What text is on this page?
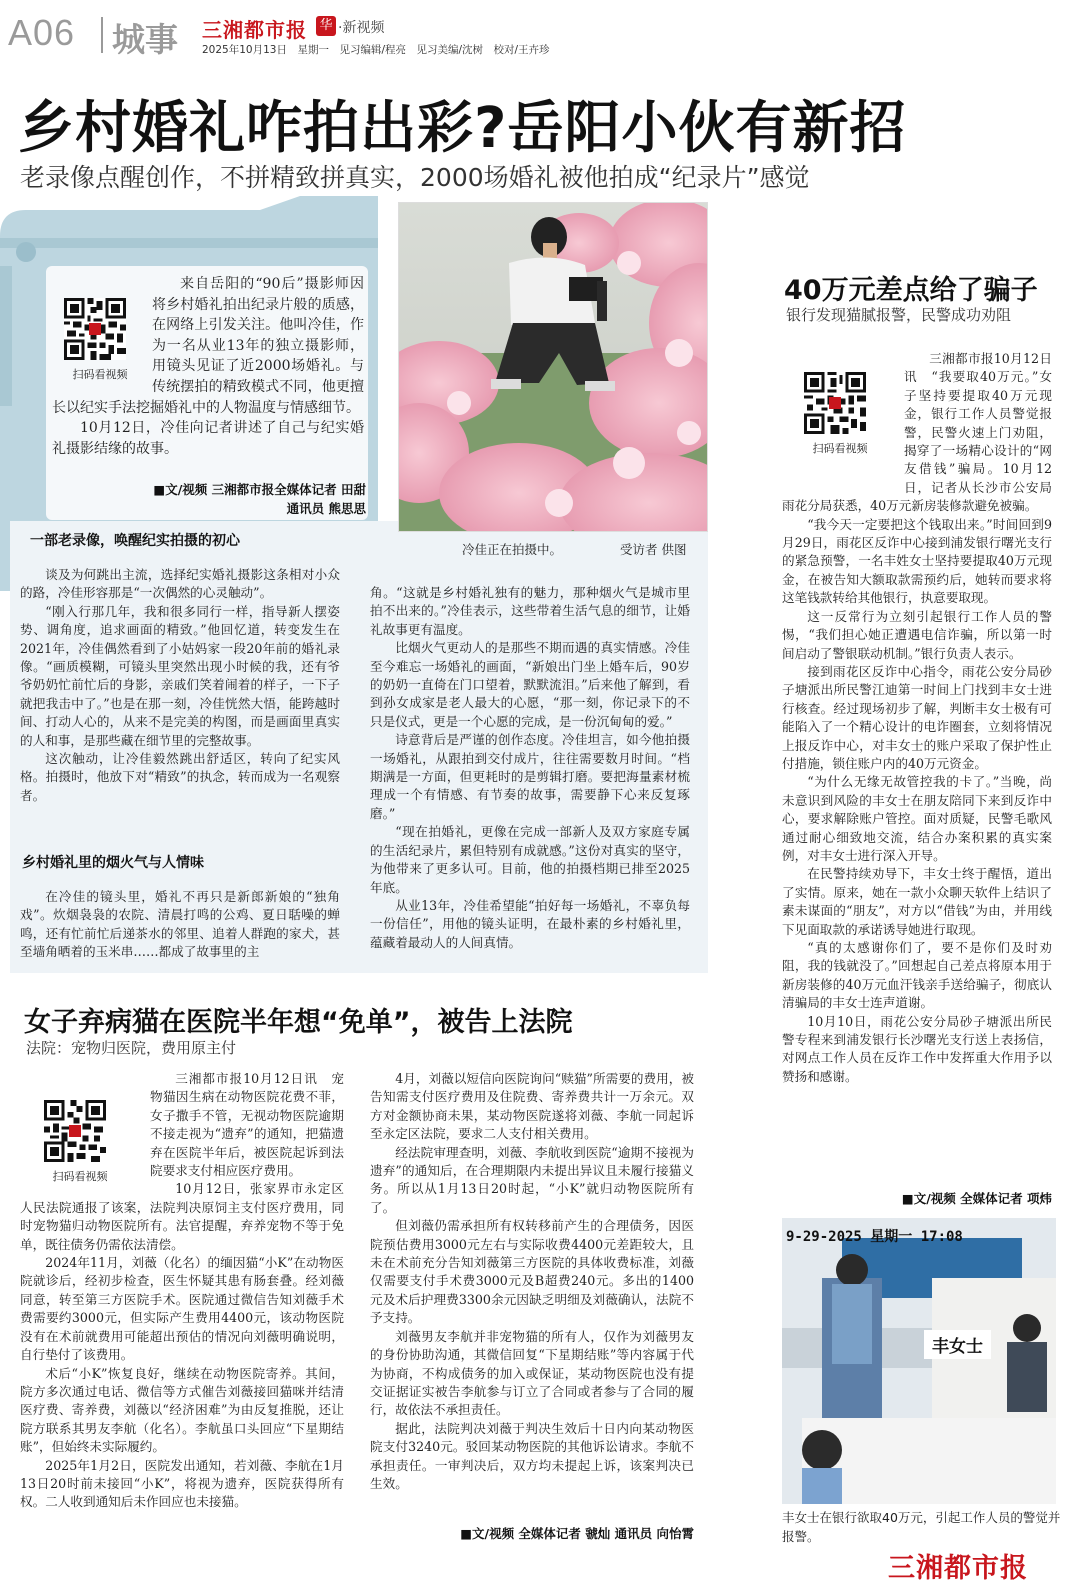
A06 城事 三湘都市报 华 ·新视频
2025年10月13日　星期一　见习编辑/程亮　见习美编/沈树　校对/王卉珍
乡村婚礼咋拍出彩?岳阳小伙有新招
老录像点醒创作，不拼精致拼真实，2000场婚礼被他拍成“纪录片”感觉
扫码看视频

来自岳阳的“90后”摄影师因将乡村婚礼拍出纪录片般的质感，在网络上引发关注。他叫冷佳，作为一名从业13年的独立摄影师，用镜头见证了近2000场婚礼。与传统摆拍的精致模式不同，他更擅长以纪实手法挖掘婚礼中的人物温度与情感细节。

10月12日，冷佳向记者讲述了自己与纪实婚礼摄影结缘的故事。

■文/视频 三湘都市报全媒体记者 田甜
通讯员 熊思思
冷佳正在拍摄中。	受访者 供图
一部老录像，唤醒纪实拍摄的初心

谈及为何跳出主流，选择纪实婚礼摄影这条相对小众的路，冷佳形容那是“一次偶然的心灵触动”。

“刚入行那几年，我和很多同行一样，指导新人摆姿势、调角度，追求画面的精致。”他回忆道，转变发生在2021年，冷佳偶然看到了小姑妈家一段20年前的婚礼录像。“画质模糊，可镜头里突然出现小时候的我，还有爷爷奶奶忙前忙后的身影，亲戚们笑着闹着的样子，一下子就把我击中了。”也是在那一刻，冷佳恍然大悟，能跨越时间、打动人心的，从来不是完美的构图，而是画面里真实的人和事，是那些藏在细节里的完整故事。

这次触动，让冷佳毅然跳出舒适区，转向了纪实风格。拍摄时，他放下对“精致”的执念，转而成为一名观察者。

乡村婚礼里的烟火气与人情味

在冷佳的镜头里，婚礼不再只是新郎新娘的“独角戏”。炊烟袅袅的农院、清晨打鸣的公鸡、夏日聒噪的蝉鸣，还有忙前忙后递茶水的邻里、追着人群跑的家犬，甚至墙角晒着的玉米串……都成了故事里的主

角。“这就是乡村婚礼独有的魅力，那种烟火气是城市里拍不出来的。”冷佳表示，这些带着生活气息的细节，让婚礼故事更有温度。

比烟火气更动人的是那些不期而遇的真实情感。冷佳至今难忘一场婚礼的画面，“新娘出门坐上婚车后，90岁的奶奶一直倚在门口望着，默默流泪。”后来他了解到，看到孙女成家是老人最大的心愿，“那一刻，你记录下的不只是仪式，更是一个心愿的完成，是一份沉甸甸的爱。”

诗意背后是严谨的创作态度。冷佳坦言，如今他拍摄一场婚礼，从跟拍到交付成片，往往需要数月时间。“档期满是一方面，但更耗时的是剪辑打磨。要把海量素材梳理成一个有情感、有节奏的故事，需要静下心来反复琢磨。”

“现在拍婚礼，更像在完成一部新人及双方家庭专属的生活纪录片，累但特别有成就感。”这份对真实的坚守，为他带来了更多认可。目前，他的拍摄档期已排至2025年底。

从业13年，冷佳希望能“拍好每一场婚礼，不辜负每一份信任”，用他的镜头证明，在最朴素的乡村婚礼里，蕴藏着最动人的人间真情。

40万元差点给了骗子
银行发现猫腻报警，民警成功劝阻
扫码看视频

三湘都市报10月12日讯　“我要取40万元。”女子坚持要提取40万元现金，银行工作人员警觉报警，民警火速上门劝阻，揭穿了一场精心设计的“网友借钱”骗局。10月12日，记者从长沙市公安局雨花分局获悉，40万元新房装修款避免被骗。

“我今天一定要把这个钱取出来。”时间回到9月29日，雨花区反诈中心接到浦发银行曙光支行的紧急预警，一名丰姓女士坚持要提取40万元现金，在被告知大额取款需预约后，她转而要求将这笔钱款转给其他银行，执意要取现。

这一反常行为立刻引起银行工作人员的警惕，“我们担心她正遭遇电信诈骗，所以第一时间启动了警银联动机制。”银行负责人表示。

接到雨花区反诈中心指令，雨花公安分局砂子塘派出所民警江迪第一时间上门找到丰女士进行核查。经过现场初步了解，判断丰女士极有可能陷入了一个精心设计的电诈圈套，立刻将情况上报反诈中心，对丰女士的账户采取了保护性止付措施，锁住账户内的40万元资金。

“为什么无缘无故管控我的卡了。”当晚，尚未意识到风险的丰女士在朋友陪同下来到反诈中心，要求解除账户管控。面对质疑，民警毛歌风通过耐心细致地交流，结合办案积累的真实案例，对丰女士进行深入开导。

在民警持续劝导下，丰女士终于醒悟，道出了实情。原来，她在一款小众聊天软件上结识了素未谋面的“朋友”，对方以“借钱”为由，并用线下见面取款的承诺诱导她进行取现。

“真的太感谢你们了，要不是你们及时劝阻，我的钱就没了。”回想起自己差点将原本用于新房装修的40万元血汗钱亲手送给骗子，彻底认清骗局的丰女士连声道谢。

10月10日，雨花公安分局砂子塘派出所民警专程来到浦发银行长沙曙光支行送上表扬信，对网点工作人员在反诈工作中发挥重大作用予以赞扬和感谢。

■文/视频 全媒体记者 项炜
9-29-2025 星期一 17:08
丰女士
丰女士在银行欲取40万元，引起工作人员的警觉并报警。
女子弃病猫在医院半年想“免单”，被告上法院
法院：宠物归医院，费用原主付
扫码看视频

三湘都市报10月12日讯　宠物猫因生病在动物医院花费不菲，女子撒手不管，无视动物医院逾期不接走视为“遗弃”的通知，把猫遗弃在医院半年后，被医院起诉到法院要求支付相应医疗费用。

10月12日，张家界市永定区人民法院通报了该案，法院判决原饲主支付医疗费用，同时宠物猫归动物医院所有。法官提醒，弃养宠物不等于免单，既往债务仍需依法清偿。

2024年11月，刘薇（化名）的缅因猫“小K”在动物医院就诊后，经初步检查，医生怀疑其患有肠套叠。经刘薇同意，转至第三方医院手术。医院通过微信告知刘薇手术费需要约3000元，但实际产生费用4400元，该动物医院没有在术前就费用可能超出预估的情况向刘薇明确说明，自行垫付了该费用。

术后“小K”恢复良好，继续在动物医院寄养。其间，院方多次通过电话、微信等方式催告刘薇接回猫咪并结清医疗费、寄养费，刘薇以“经济困难”为由反复推脱，还让院方联系其男友李航（化名）。李航虽口头回应“下星期结账”，但始终未实际履约。

2025年1月2日，医院发出通知，若刘薇、李航在1月13日20时前未接回“小K”，将视为遗弃，医院获得所有权。二人收到通知后未作回应也未接猫。

4月，刘薇以短信向医院询问“赎猫”所需要的费用，被告知需支付医疗费用及住院费、寄养费共计一万余元。双方对金额协商未果，某动物医院遂将刘薇、李航一同起诉至永定区法院，要求二人支付相关费用。

经法院审理查明，刘薇、李航收到医院“逾期不接视为遗弃”的通知后，在合理期限内未提出异议且未履行接猫义务。所以从1月13日20时起，“小K”就归动物医院所有了。

但刘薇仍需承担所有权转移前产生的合理债务，因医院预估费用3000元左右与实际收费4400元差距较大，且未在术前充分告知刘薇第三方医院的具体收费标准，刘薇仅需要支付手术费3000元及B超费240元。多出的1400元及术后护理费3300余元因缺乏明细及刘薇确认，法院不予支持。

刘薇男友李航并非宠物猫的所有人，仅作为刘薇男友的身份协助沟通，其微信回复“下星期结账”等内容属于代为协商，不构成债务的加入或保证，某动物医院也没有提交证据证实被告李航参与订立了合同或者参与了合同的履行，故依法不承担责任。

据此，法院判决刘薇于判决生效后十日内向某动物医院支付3240元。驳回某动物医院的其他诉讼请求。李航不承担责任。一审判决后，双方均未提起上诉，该案判决已生效。

■文/视频 全媒体记者 虢灿 通讯员 向怡霄
三湘都市报
